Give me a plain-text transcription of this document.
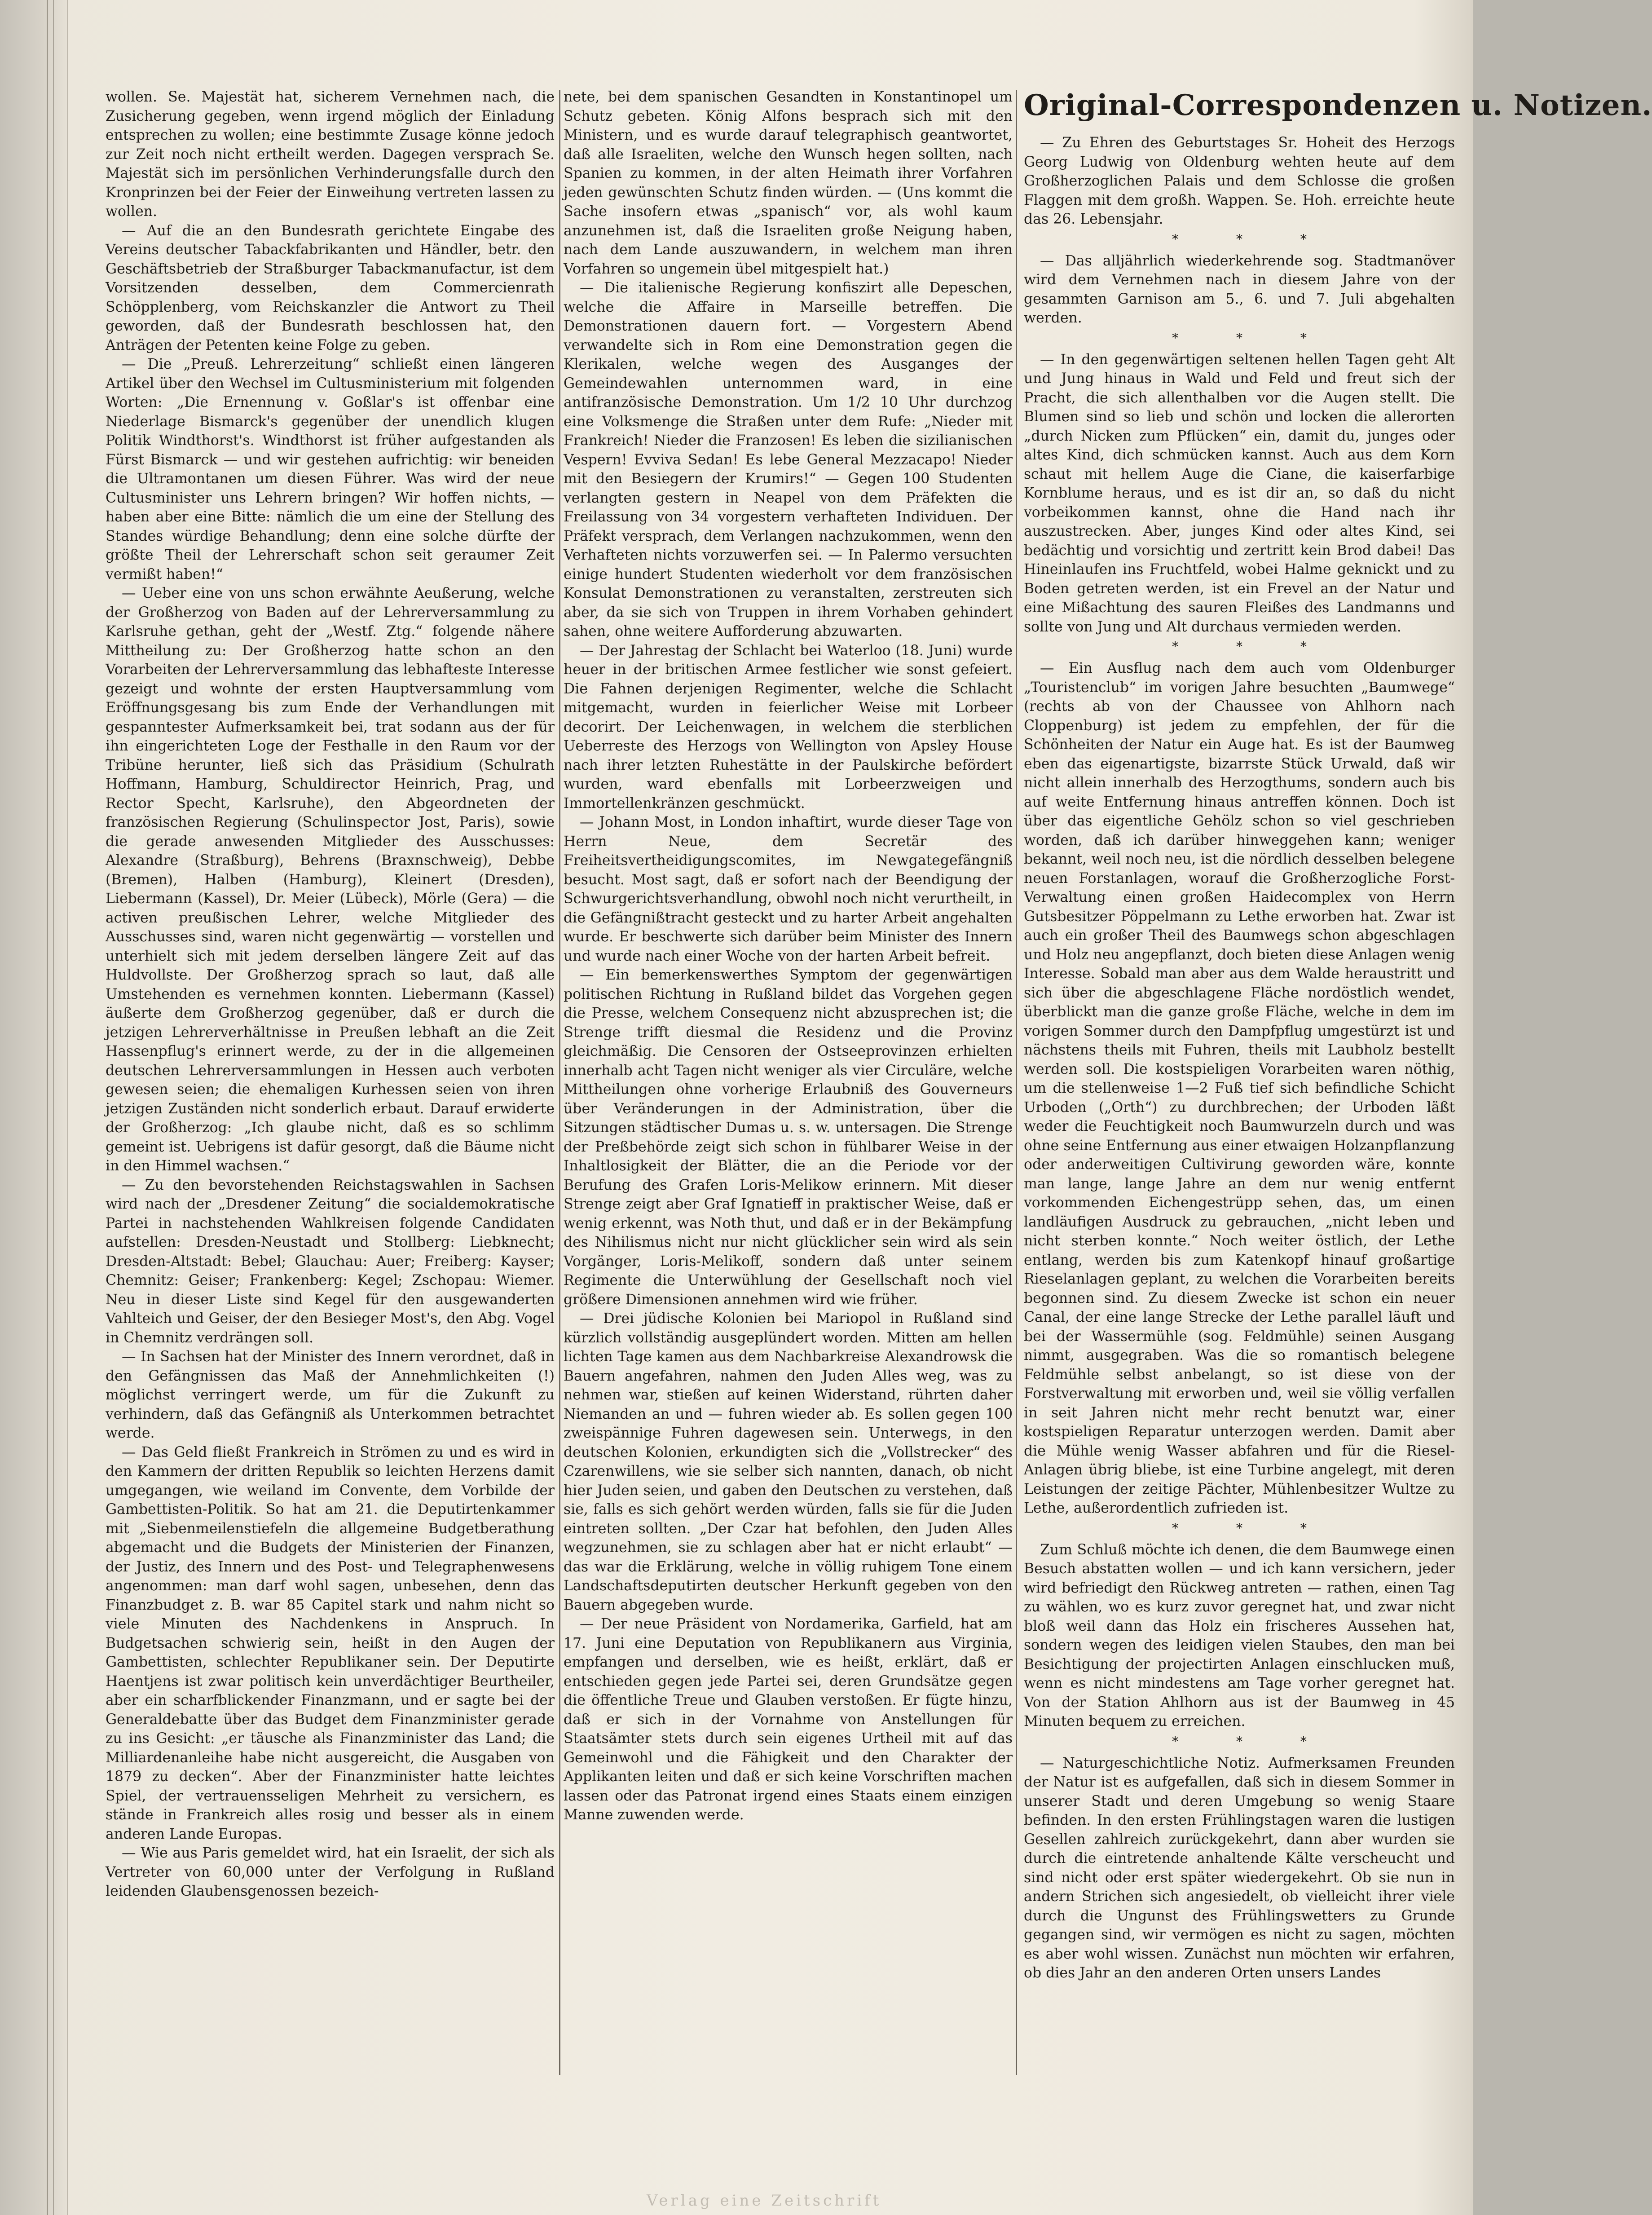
wollen. Se. Majestät hat, sicherem Vernehmen nach, die Zusicherung gegeben, wenn irgend möglich der Einladung entsprechen zu wollen; eine bestimmte Zusage könne jedoch zur Zeit noch nicht ertheilt werden. Dagegen versprach Se. Majestät sich im persönlichen Verhinderungsfalle durch den Kronprinzen bei der Feier der Einweihung vertreten lassen zu wollen.

— Auf die an den Bundesrath gerichtete Eingabe des Vereins deutscher Tabackfabrikanten und Händler, betr. den Geschäftsbetrieb der Straßburger Tabackmanufactur, ist dem Vorsitzenden desselben, dem Commercienrath Schöpplenberg, vom Reichskanzler die Antwort zu Theil geworden, daß der Bundesrath beschlossen hat, den Anträgen der Petenten keine Folge zu geben.

— Die „Preuß. Lehrerzeitung“ schließt einen längeren Artikel über den Wechsel im Cultusministerium mit folgenden Worten: „Die Ernennung v. Goßlar's ist offenbar eine Niederlage Bismarck's gegenüber der unendlich klugen Politik Windthorst's. Windthorst ist früher aufgestanden als Fürst Bismarck — und wir gestehen aufrichtig: wir beneiden die Ultramontanen um diesen Führer. Was wird der neue Cultusminister uns Lehrern bringen? Wir hoffen nichts, — haben aber eine Bitte: nämlich die um eine der Stellung des Standes würdige Behandlung; denn eine solche dürfte der größte Theil der Lehrerschaft schon seit geraumer Zeit vermißt haben!“

— Ueber eine von uns schon erwähnte Aeußerung, welche der Großherzog von Baden auf der Lehrerversammlung zu Karlsruhe gethan, geht der „Westf. Ztg.“ folgende nähere Mittheilung zu: Der Großherzog hatte schon an den Vorarbeiten der Lehrerversammlung das lebhafteste Interesse gezeigt und wohnte der ersten Hauptversammlung vom Eröffnungsgesang bis zum Ende der Verhandlungen mit gespanntester Aufmerksamkeit bei, trat sodann aus der für ihn eingerichteten Loge der Festhalle in den Raum vor der Tribüne herunter, ließ sich das Präsidium (Schulrath Hoffmann, Hamburg, Schuldirector Heinrich, Prag, und Rector Specht, Karlsruhe), den Abgeordneten der französischen Regierung (Schulinspector Jost, Paris), sowie die gerade anwesenden Mitglieder des Ausschusses: Alexandre (Straßburg), Behrens (Braxnschweig), Debbe (Bremen), Halben (Hamburg), Kleinert (Dresden), Liebermann (Kassel), Dr. Meier (Lübeck), Mörle (Gera) — die activen preußischen Lehrer, welche Mitglieder des Ausschusses sind, waren nicht gegenwärtig — vorstellen und unterhielt sich mit jedem derselben längere Zeit auf das Huldvollste. Der Großherzog sprach so laut, daß alle Umstehenden es vernehmen konnten. Liebermann (Kassel) äußerte dem Großherzog gegenüber, daß er durch die jetzigen Lehrerverhältnisse in Preußen lebhaft an die Zeit Hassenpflug's erinnert werde, zu der in die allgemeinen deutschen Lehrerversammlungen in Hessen auch verboten gewesen seien; die ehemaligen Kurhessen seien von ihren jetzigen Zuständen nicht sonderlich erbaut. Darauf erwiderte der Großherzog: „Ich glaube nicht, daß es so schlimm gemeint ist. Uebrigens ist dafür gesorgt, daß die Bäume nicht in den Himmel wachsen.“

— Zu den bevorstehenden Reichstagswahlen in Sachsen wird nach der „Dresdener Zeitung“ die socialdemokratische Partei in nachstehenden Wahlkreisen folgende Candidaten aufstellen: Dresden-Neustadt und Stollberg: Liebknecht; Dresden-Altstadt: Bebel; Glauchau: Auer; Freiberg: Kayser; Chemnitz: Geiser; Frankenberg: Kegel; Zschopau: Wiemer. Neu in dieser Liste sind Kegel für den ausgewanderten Vahlteich und Geiser, der den Besieger Most's, den Abg. Vogel in Chemnitz verdrängen soll.

— In Sachsen hat der Minister des Innern verordnet, daß in den Gefängnissen das Maß der Annehmlichkeiten (!) möglichst verringert werde, um für die Zukunft zu verhindern, daß das Gefängniß als Unterkommen betrachtet werde.

— Das Geld fließt Frankreich in Strömen zu und es wird in den Kammern der dritten Republik so leichten Herzens damit umgegangen, wie weiland im Convente, dem Vorbilde der Gambettisten-Politik. So hat am 21. die Deputirtenkammer mit „Siebenmeilenstiefeln die allgemeine Budgetberathung abgemacht und die Budgets der Ministerien der Finanzen, der Justiz, des Innern und des Post- und Telegraphenwesens angenommen: man darf wohl sagen, unbesehen, denn das Finanzbudget z. B. war 85 Capitel stark und nahm nicht so viele Minuten des Nachdenkens in Anspruch. In Budgetsachen schwierig sein, heißt in den Augen der Gambettisten, schlechter Republikaner sein. Der Deputirte Haentjens ist zwar politisch kein unverdächtiger Beurtheiler, aber ein scharfblickender Finanzmann, und er sagte bei der Generaldebatte über das Budget dem Finanzminister gerade zu ins Gesicht: „er täusche als Finanzminister das Land; die Milliardenanleihe habe nicht ausgereicht, die Ausgaben von 1879 zu decken“. Aber der Finanzminister hatte leichtes Spiel, der vertrauensseligen Mehrheit zu versichern, es stände in Frankreich alles rosig und besser als in einem anderen Lande Europas.

— Wie aus Paris gemeldet wird, hat ein Israelit, der sich als Vertreter von 60,000 unter der Verfolgung in Rußland leidenden Glaubensgenossen bezeich-

nete, bei dem spanischen Gesandten in Konstantinopel um Schutz gebeten. König Alfons besprach sich mit den Ministern, und es wurde darauf telegraphisch geantwortet, daß alle Israeliten, welche den Wunsch hegen sollten, nach Spanien zu kommen, in der alten Heimath ihrer Vorfahren jeden gewünschten Schutz finden würden. — (Uns kommt die Sache insofern etwas „spanisch“ vor, als wohl kaum anzunehmen ist, daß die Israeliten große Neigung haben, nach dem Lande auszuwandern, in welchem man ihren Vorfahren so ungemein übel mitgespielt hat.)

— Die italienische Regierung konfiszirt alle Depeschen, welche die Affaire in Marseille betreffen. Die Demonstrationen dauern fort. — Vorgestern Abend verwandelte sich in Rom eine Demonstration gegen die Klerikalen, welche wegen des Ausganges der Gemeindewahlen unternommen ward, in eine antifranzösische Demonstration. Um 1/2 10 Uhr durchzog eine Volksmenge die Straßen unter dem Rufe: „Nieder mit Frankreich! Nieder die Franzosen! Es leben die sizilianischen Vespern! Evviva Sedan! Es lebe General Mezzacapo! Nieder mit den Besiegern der Krumirs!“ — Gegen 100 Studenten verlangten gestern in Neapel von dem Präfekten die Freilassung von 34 vorgestern verhafteten Individuen. Der Präfekt versprach, dem Verlangen nachzukommen, wenn den Verhafteten nichts vorzuwerfen sei. — In Palermo versuchten einige hundert Studenten wiederholt vor dem französischen Konsulat Demonstrationen zu veranstalten, zerstreuten sich aber, da sie sich von Truppen in ihrem Vorhaben gehindert sahen, ohne weitere Aufforderung abzuwarten.

— Der Jahrestag der Schlacht bei Waterloo (18. Juni) wurde heuer in der britischen Armee festlicher wie sonst gefeiert. Die Fahnen derjenigen Regimenter, welche die Schlacht mitgemacht, wurden in feierlicher Weise mit Lorbeer decorirt. Der Leichenwagen, in welchem die sterblichen Ueberreste des Herzogs von Wellington von Apsley House nach ihrer letzten Ruhestätte in der Paulskirche befördert wurden, ward ebenfalls mit Lorbeerzweigen und Immortellenkränzen geschmückt.

— Johann Most, in London inhaftirt, wurde dieser Tage von Herrn Neue, dem Secretär des Freiheitsvertheidigungscomites, im Newgategefängniß besucht. Most sagt, daß er sofort nach der Beendigung der Schwurgerichtsverhandlung, obwohl noch nicht verurtheilt, in die Gefängnißtracht gesteckt und zu harter Arbeit angehalten wurde. Er beschwerte sich darüber beim Minister des Innern und wurde nach einer Woche von der harten Arbeit befreit.

— Ein bemerkenswerthes Symptom der gegenwärtigen politischen Richtung in Rußland bildet das Vorgehen gegen die Presse, welchem Consequenz nicht abzusprechen ist; die Strenge trifft diesmal die Residenz und die Provinz gleichmäßig. Die Censoren der Ostseeprovinzen erhielten innerhalb acht Tagen nicht weniger als vier Circuläre, welche Mittheilungen ohne vorherige Erlaubniß des Gouverneurs über Veränderungen in der Administration, über die Sitzungen städtischer Dumas u. s. w. untersagen. Die Strenge der Preßbehörde zeigt sich schon in fühlbarer Weise in der Inhaltlosigkeit der Blätter, die an die Periode vor der Berufung des Grafen Loris-Melikow erinnern. Mit dieser Strenge zeigt aber Graf Ignatieff in praktischer Weise, daß er wenig erkennt, was Noth thut, und daß er in der Bekämpfung des Nihilismus nicht nur nicht glücklicher sein wird als sein Vorgänger, Loris-Melikoff, sondern daß unter seinem Regimente die Unterwühlung der Gesellschaft noch viel größere Dimensionen annehmen wird wie früher.

— Drei jüdische Kolonien bei Mariopol in Rußland sind kürzlich vollständig ausgeplündert worden. Mitten am hellen lichten Tage kamen aus dem Nachbarkreise Alexandrowsk die Bauern angefahren, nahmen den Juden Alles weg, was zu nehmen war, stießen auf keinen Widerstand, rührten daher Niemanden an und — fuhren wieder ab. Es sollen gegen 100 zweispännige Fuhren dagewesen sein. Unterwegs, in den deutschen Kolonien, erkundigten sich die „Vollstrecker“ des Czarenwillens, wie sie selber sich nannten, danach, ob nicht hier Juden seien, und gaben den Deutschen zu verstehen, daß sie, falls es sich gehört werden würden, falls sie für die Juden eintreten sollten. „Der Czar hat befohlen, den Juden Alles wegzunehmen, sie zu schlagen aber hat er nicht erlaubt“ — das war die Erklärung, welche in völlig ruhigem Tone einem Landschaftsdeputirten deutscher Herkunft gegeben von den Bauern abgegeben wurde.

— Der neue Präsident von Nordamerika, Garfield, hat am 17. Juni eine Deputation von Republikanern aus Virginia, empfangen und derselben, wie es heißt, erklärt, daß er entschieden gegen jede Partei sei, deren Grundsätze gegen die öffentliche Treue und Glauben verstoßen. Er fügte hinzu, daß er sich in der Vornahme von Anstellungen für Staatsämter stets durch sein eigenes Urtheil mit auf das Gemeinwohl und die Fähigkeit und den Charakter der Applikanten leiten und daß er sich keine Vorschriften machen lassen oder das Patronat irgend eines Staats einem einzigen Manne zuwenden werde.

Original-Correspondenzen u. Notizen.

— Zu Ehren des Geburtstages Sr. Hoheit des Herzogs Georg Ludwig von Oldenburg wehten heute auf dem Großherzoglichen Palais und dem Schlosse die großen Flaggen mit dem großh. Wappen. Se. Hoh. erreichte heute das 26. Lebensjahr.

* * *

— Das alljährlich wiederkehrende sog. Stadtmanöver wird dem Vernehmen nach in diesem Jahre von der gesammten Garnison am 5., 6. und 7. Juli abgehalten werden.

* * *

— In den gegenwärtigen seltenen hellen Tagen geht Alt und Jung hinaus in Wald und Feld und freut sich der Pracht, die sich allenthalben vor die Augen stellt. Die Blumen sind so lieb und schön und locken die allerorten „durch Nicken zum Pflücken“ ein, damit du, junges oder altes Kind, dich schmücken kannst. Auch aus dem Korn schaut mit hellem Auge die Ciane, die kaiserfarbige Kornblume heraus, und es ist dir an, so daß du nicht vorbeikommen kannst, ohne die Hand nach ihr auszustrecken. Aber, junges Kind oder altes Kind, sei bedächtig und vorsichtig und zertritt kein Brod dabei! Das Hineinlaufen ins Fruchtfeld, wobei Halme geknickt und zu Boden getreten werden, ist ein Frevel an der Natur und eine Mißachtung des sauren Fleißes des Landmanns und sollte von Jung und Alt durchaus vermieden werden.

* * *

— Ein Ausflug nach dem auch vom Oldenburger „Touristenclub“ im vorigen Jahre besuchten „Baumwege“ (rechts ab von der Chaussee von Ahlhorn nach Cloppenburg) ist jedem zu empfehlen, der für die Schönheiten der Natur ein Auge hat. Es ist der Baumweg eben das eigenartigste, bizarrste Stück Urwald, daß wir nicht allein innerhalb des Herzogthums, sondern auch bis auf weite Entfernung hinaus antreffen können. Doch ist über das eigentliche Gehölz schon so viel geschrieben worden, daß ich darüber hinweggehen kann; weniger bekannt, weil noch neu, ist die nördlich desselben belegene neuen Forstanlagen, worauf die Großherzogliche Forst-Verwaltung einen großen Haidecomplex von Herrn Gutsbesitzer Pöppelmann zu Lethe erworben hat. Zwar ist auch ein großer Theil des Baumwegs schon abgeschlagen und Holz neu angepflanzt, doch bieten diese Anlagen wenig Interesse. Sobald man aber aus dem Walde heraustritt und sich über die abgeschlagene Fläche nordöstlich wendet, überblickt man die ganze große Fläche, welche in dem im vorigen Sommer durch den Dampfpflug umgestürzt ist und nächstens theils mit Fuhren, theils mit Laubholz bestellt werden soll. Die kostspieligen Vorarbeiten waren nöthig, um die stellenweise 1—2 Fuß tief sich befindliche Schicht Urboden („Orth“) zu durchbrechen; der Urboden läßt weder die Feuchtigkeit noch Baumwurzeln durch und was ohne seine Entfernung aus einer etwaigen Holzanpflanzung oder anderweitigen Cultivirung geworden wäre, konnte man lange, lange Jahre an dem nur wenig entfernt vorkommenden Eichengestrüpp sehen, das, um einen landläufigen Ausdruck zu gebrauchen, „nicht leben und nicht sterben konnte.“ Noch weiter östlich, der Lethe entlang, werden bis zum Katenkopf hinauf großartige Rieselanlagen geplant, zu welchen die Vorarbeiten bereits begonnen sind. Zu diesem Zwecke ist schon ein neuer Canal, der eine lange Strecke der Lethe parallel läuft und bei der Wassermühle (sog. Feldmühle) seinen Ausgang nimmt, ausgegraben. Was die so romantisch belegene Feldmühle selbst anbelangt, so ist diese von der Forstverwaltung mit erworben und, weil sie völlig verfallen in seit Jahren nicht mehr recht benutzt war, einer kostspieligen Reparatur unterzogen werden. Damit aber die Mühle wenig Wasser abfahren und für die Riesel-Anlagen übrig bliebe, ist eine Turbine angelegt, mit deren Leistungen der zeitige Pächter, Mühlenbesitzer Wultze zu Lethe, außerordentlich zufrieden ist.

* * *

Zum Schluß möchte ich denen, die dem Baumwege einen Besuch abstatten wollen — und ich kann versichern, jeder wird befriedigt den Rückweg antreten — rathen, einen Tag zu wählen, wo es kurz zuvor geregnet hat, und zwar nicht bloß weil dann das Holz ein frischeres Aussehen hat, sondern wegen des leidigen vielen Staubes, den man bei Besichtigung der projectirten Anlagen einschlucken muß, wenn es nicht mindestens am Tage vorher geregnet hat. Von der Station Ahlhorn aus ist der Baumweg in 45 Minuten bequem zu erreichen.

* * *

— Naturgeschichtliche Notiz. Aufmerksamen Freunden der Natur ist es aufgefallen, daß sich in diesem Sommer in unserer Stadt und deren Umgebung so wenig Staare befinden. In den ersten Frühlingstagen waren die lustigen Gesellen zahlreich zurückgekehrt, dann aber wurden sie durch die eintretende anhaltende Kälte verscheucht und sind nicht oder erst später wiedergekehrt. Ob sie nun in andern Strichen sich angesiedelt, ob vielleicht ihrer viele durch die Ungunst des Frühlingswetters zu Grunde gegangen sind, wir vermögen es nicht zu sagen, möchten es aber wohl wissen. Zunächst nun möchten wir erfahren, ob dies Jahr an den anderen Orten unsers Landes

Verlag eine Zeitschrift
